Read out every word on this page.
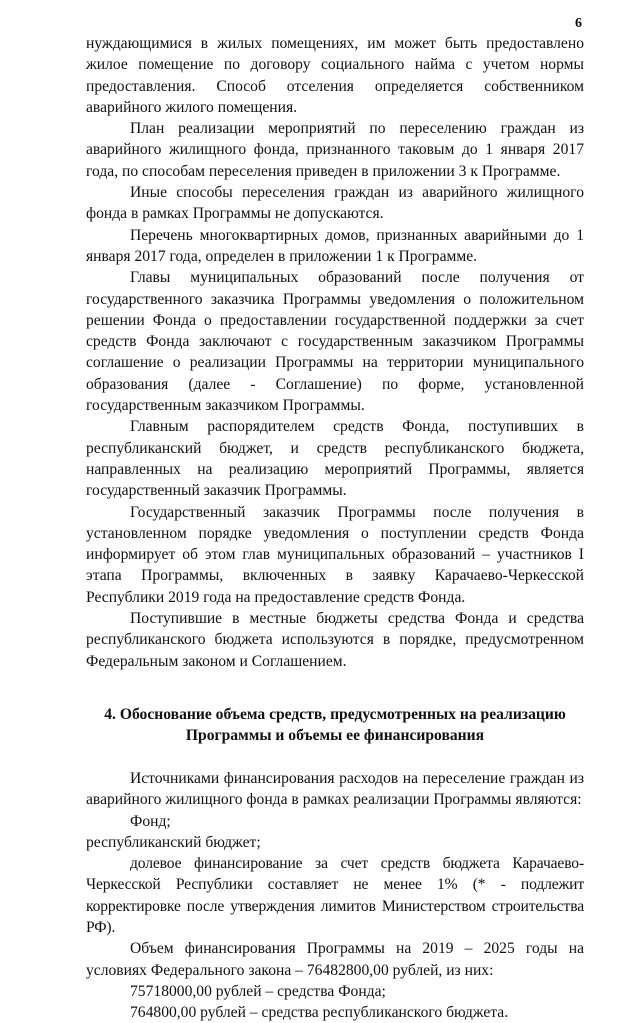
6

нуждающимися в жилых помещениях, им может быть предоставлено жилое помещение по договору социального найма с учетом нормы предоставления. Способ отселения определяется собственником аварийного жилого помещения.

План реализации мероприятий по переселению граждан из аварийного жилищного фонда, признанного таковым до 1 января 2017 года, по способам переселения приведен в приложении 3 к Программе.

Иные способы переселения граждан из аварийного жилищного фонда в рамках Программы не допускаются.

Перечень многоквартирных домов, признанных аварийными до 1 января 2017 года, определен в приложении 1 к Программе.

Главы муниципальных образований после получения от государственного заказчика Программы уведомления о положительном решении Фонда о предоставлении государственной поддержки за счет средств Фонда заключают с государственным заказчиком Программы соглашение о реализации Программы на территории муниципального образования (далее - Соглашение) по форме, установленной государственным заказчиком Программы.

Главным распорядителем средств Фонда, поступивших в республиканский бюджет, и средств республиканского бюджета, направленных на реализацию мероприятий Программы, является государственный заказчик Программы.

Государственный заказчик Программы после получения в установленном порядке уведомления о поступлении средств Фонда информирует об этом глав муниципальных образований – участников I этапа Программы, включенных в заявку Карачаево-Черкесской Республики 2019 года на предоставление средств Фонда.

Поступившие в местные бюджеты средства Фонда и средства республиканского бюджета используются в порядке, предусмотренном Федеральным законом и Соглашением.

4. Обоснование объема средств, предусмотренных на реализацию
Программы и объемы ее финансирования

Источниками финансирования расходов на переселение граждан из аварийного жилищного фонда в рамках реализации Программы являются:

Фонд;

республиканский бюджет;

долевое финансирование за счет средств бюджета Карачаево-Черкесской Республики составляет не менее 1% (* - подлежит корректировке после утверждения лимитов Министерством строительства РФ).

Объем финансирования Программы на 2019 – 2025 годы на условиях Федерального закона – 76482800,00 рублей, из них:

75718000,00 рублей – средства Фонда;

764800,00 рублей – средства республиканского бюджета.
